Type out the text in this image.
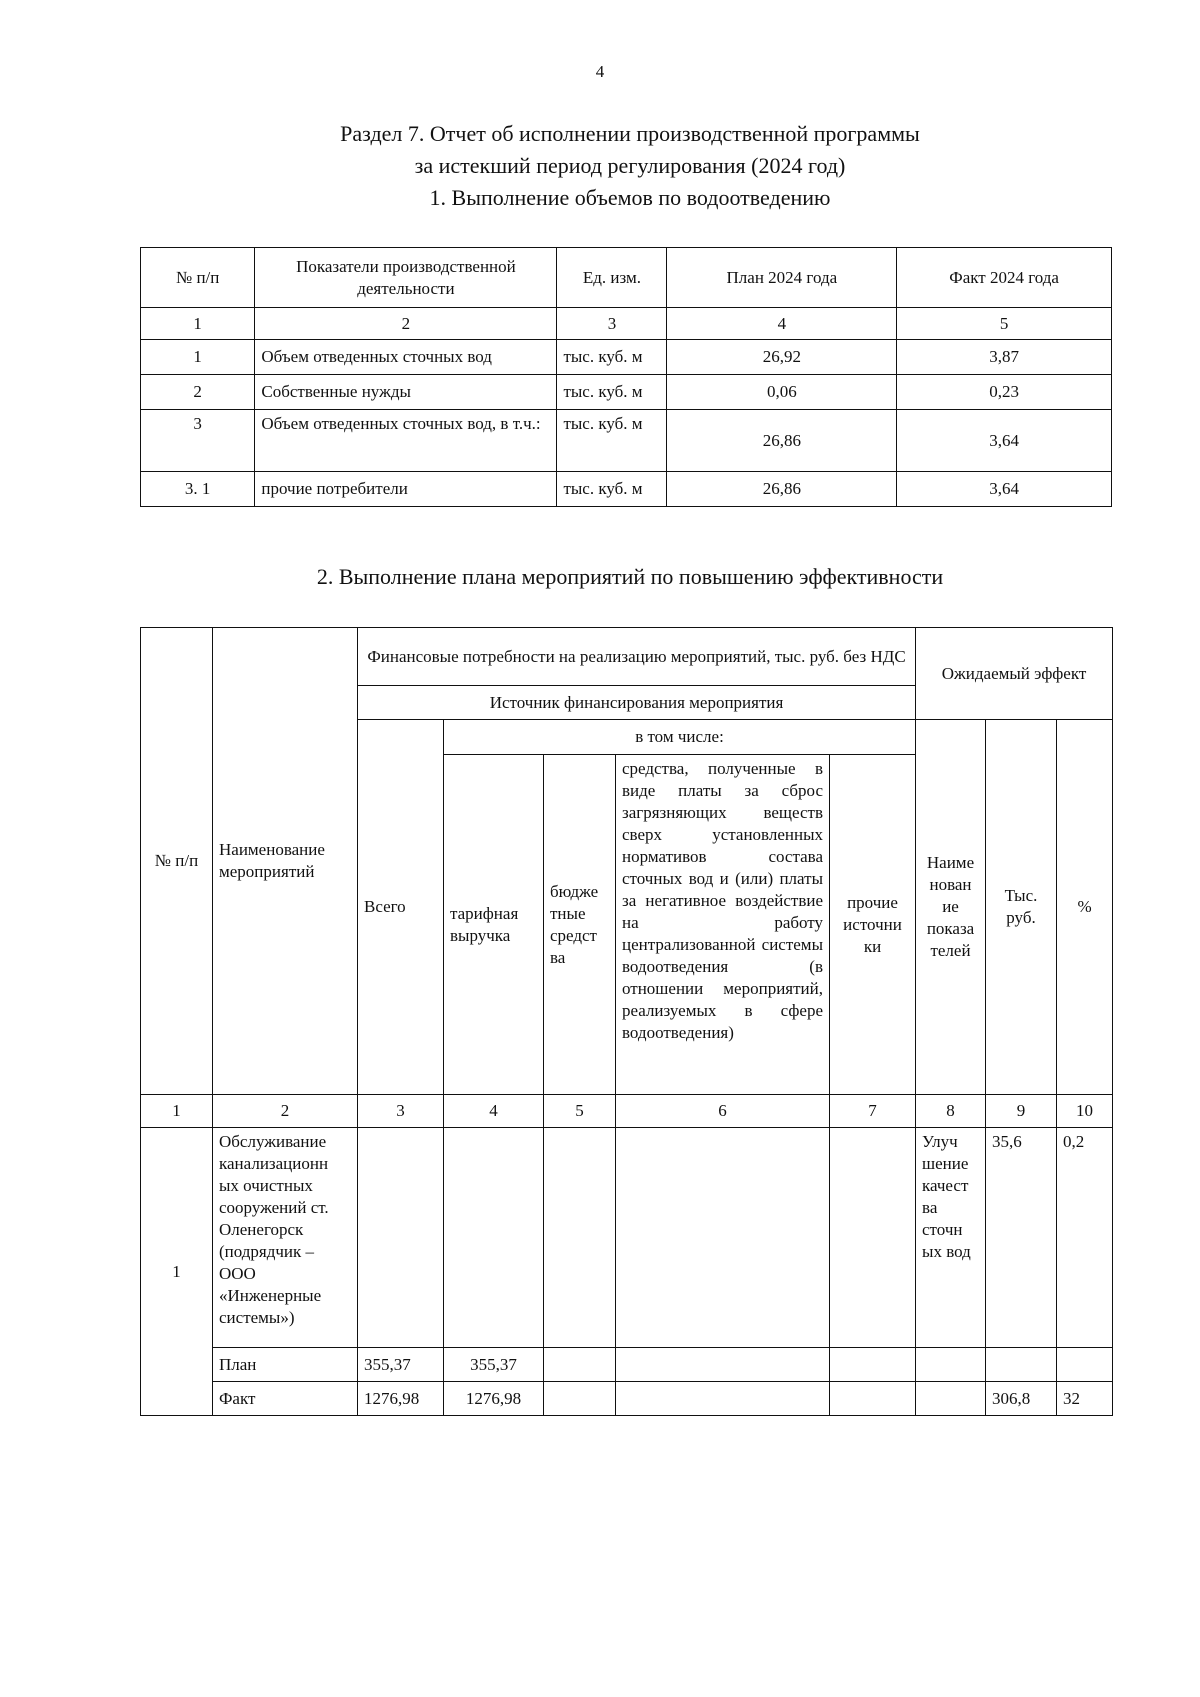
4
Раздел 7. Отчет об исполнении производственной программы
за истекший период регулирования (2024 год)
1. Выполнение объемов по водоотведению
№ п/п	Показатели производственной деятельности	Ед. изм.	План 2024 года	Факт 2024 года
1	2	3	4	5
1	Объем отведенных сточных вод	тыс. куб. м	26,92	3,87
2	Собственные нужды	тыс. куб. м	0,06	0,23
3	Объем отведенных сточных вод, в т.ч.:	тыс. куб. м	26,86	3,64
3. 1	прочие потребители	тыс. куб. м	26,86	3,64
2. Выполнение плана мероприятий по повышению эффективности
№ п/п	Наименование мероприятий	Финансовые потребности на реализацию мероприятий, тыс. руб. без НДС					Ожидаемый эффект		
		Источник финансирования мероприятия							
		Всего	в том числе:				Наиме нован ие показа телей	Тыс. руб.	%
			тарифная выручка	бюдже тные средст ва	средства, полученные в виде платы за сброс загрязняющих веществ сверх установленных нормативов состава сточных вод и (или) платы за негативное воздействие на работу централизованной системы водоотведения (в отношении мероприятий, реализуемых в сфере водоотведения)	прочие источни ки			
1	2	3	4	5	6	7	8	9	10
1	Обслуживание канализационн ых очистных сооружений ст. Оленегорск (подрядчик – ООО «Инженерные системы»)						Улуч шение качест ва сточн ых вод	35,6	0,2
	План	355,37	355,37						
	Факт	1276,98	1276,98					306,8	32
